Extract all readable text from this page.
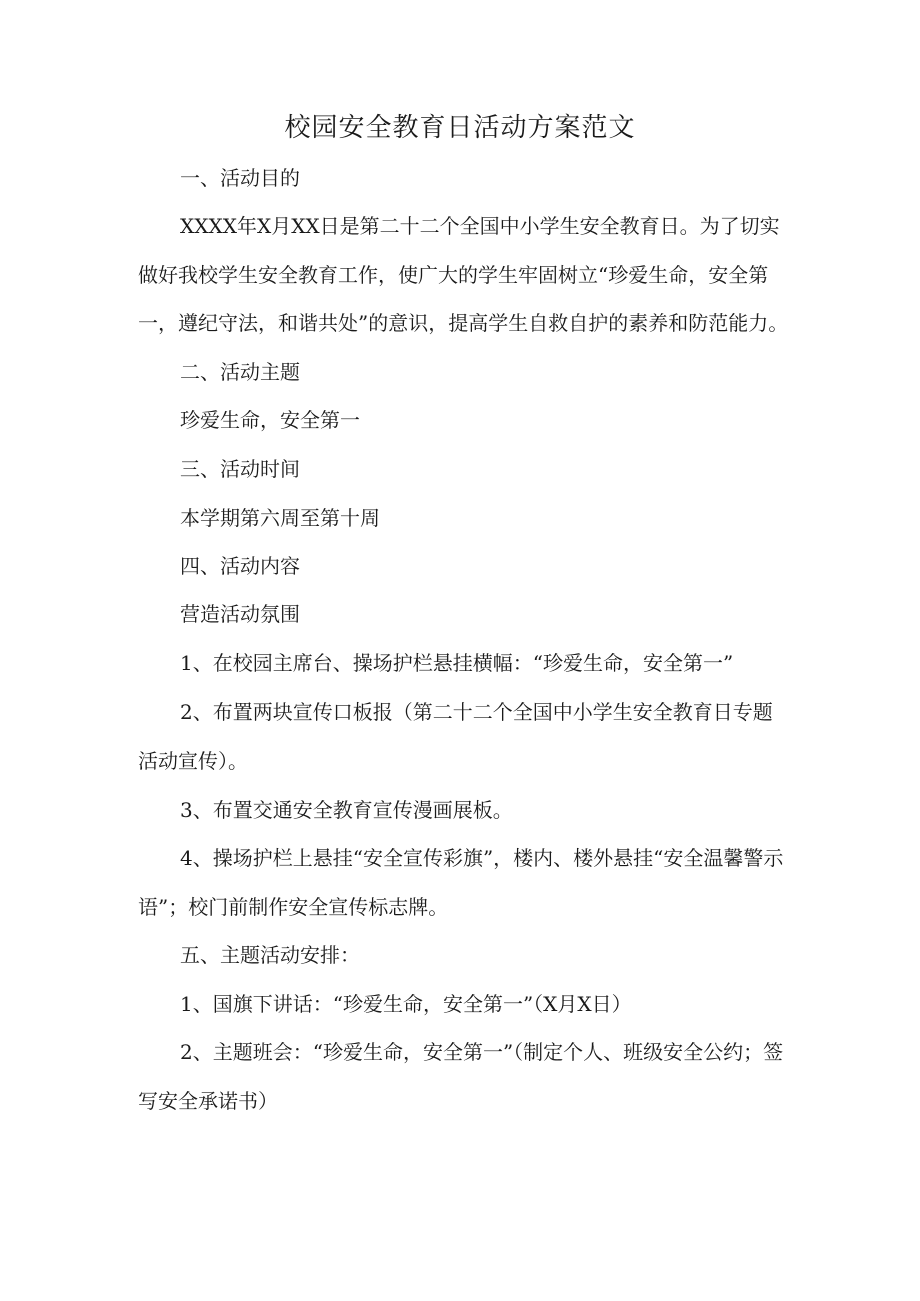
校园安全教育日活动方案范文

一、活动目的

XXXX年X月XX日是第二十二个全国中小学生安全教育日。为了切实做好我校学生安全教育工作，使广大的学生牢固树立“珍爱生命，安全第一，遵纪守法，和谐共处”的意识，提高学生自救自护的素养和防范能力。

二、活动主题

珍爱生命，安全第一

三、活动时间

本学期第六周至第十周

四、活动内容

营造活动氛围

1、在校园主席台、操场护栏悬挂横幅：“珍爱生命，安全第一”

2、布置两块宣传口板报（第二十二个全国中小学生安全教育日专题活动宣传）。

3、布置交通安全教育宣传漫画展板。

4、操场护栏上悬挂“安全宣传彩旗”，楼内、楼外悬挂“安全温馨警示语”；校门前制作安全宣传标志牌。

五、主题活动安排：

1、国旗下讲话：“珍爱生命，安全第一”（X月X日）

2、主题班会：“珍爱生命，安全第一”（制定个人、班级安全公约；签写安全承诺书）
